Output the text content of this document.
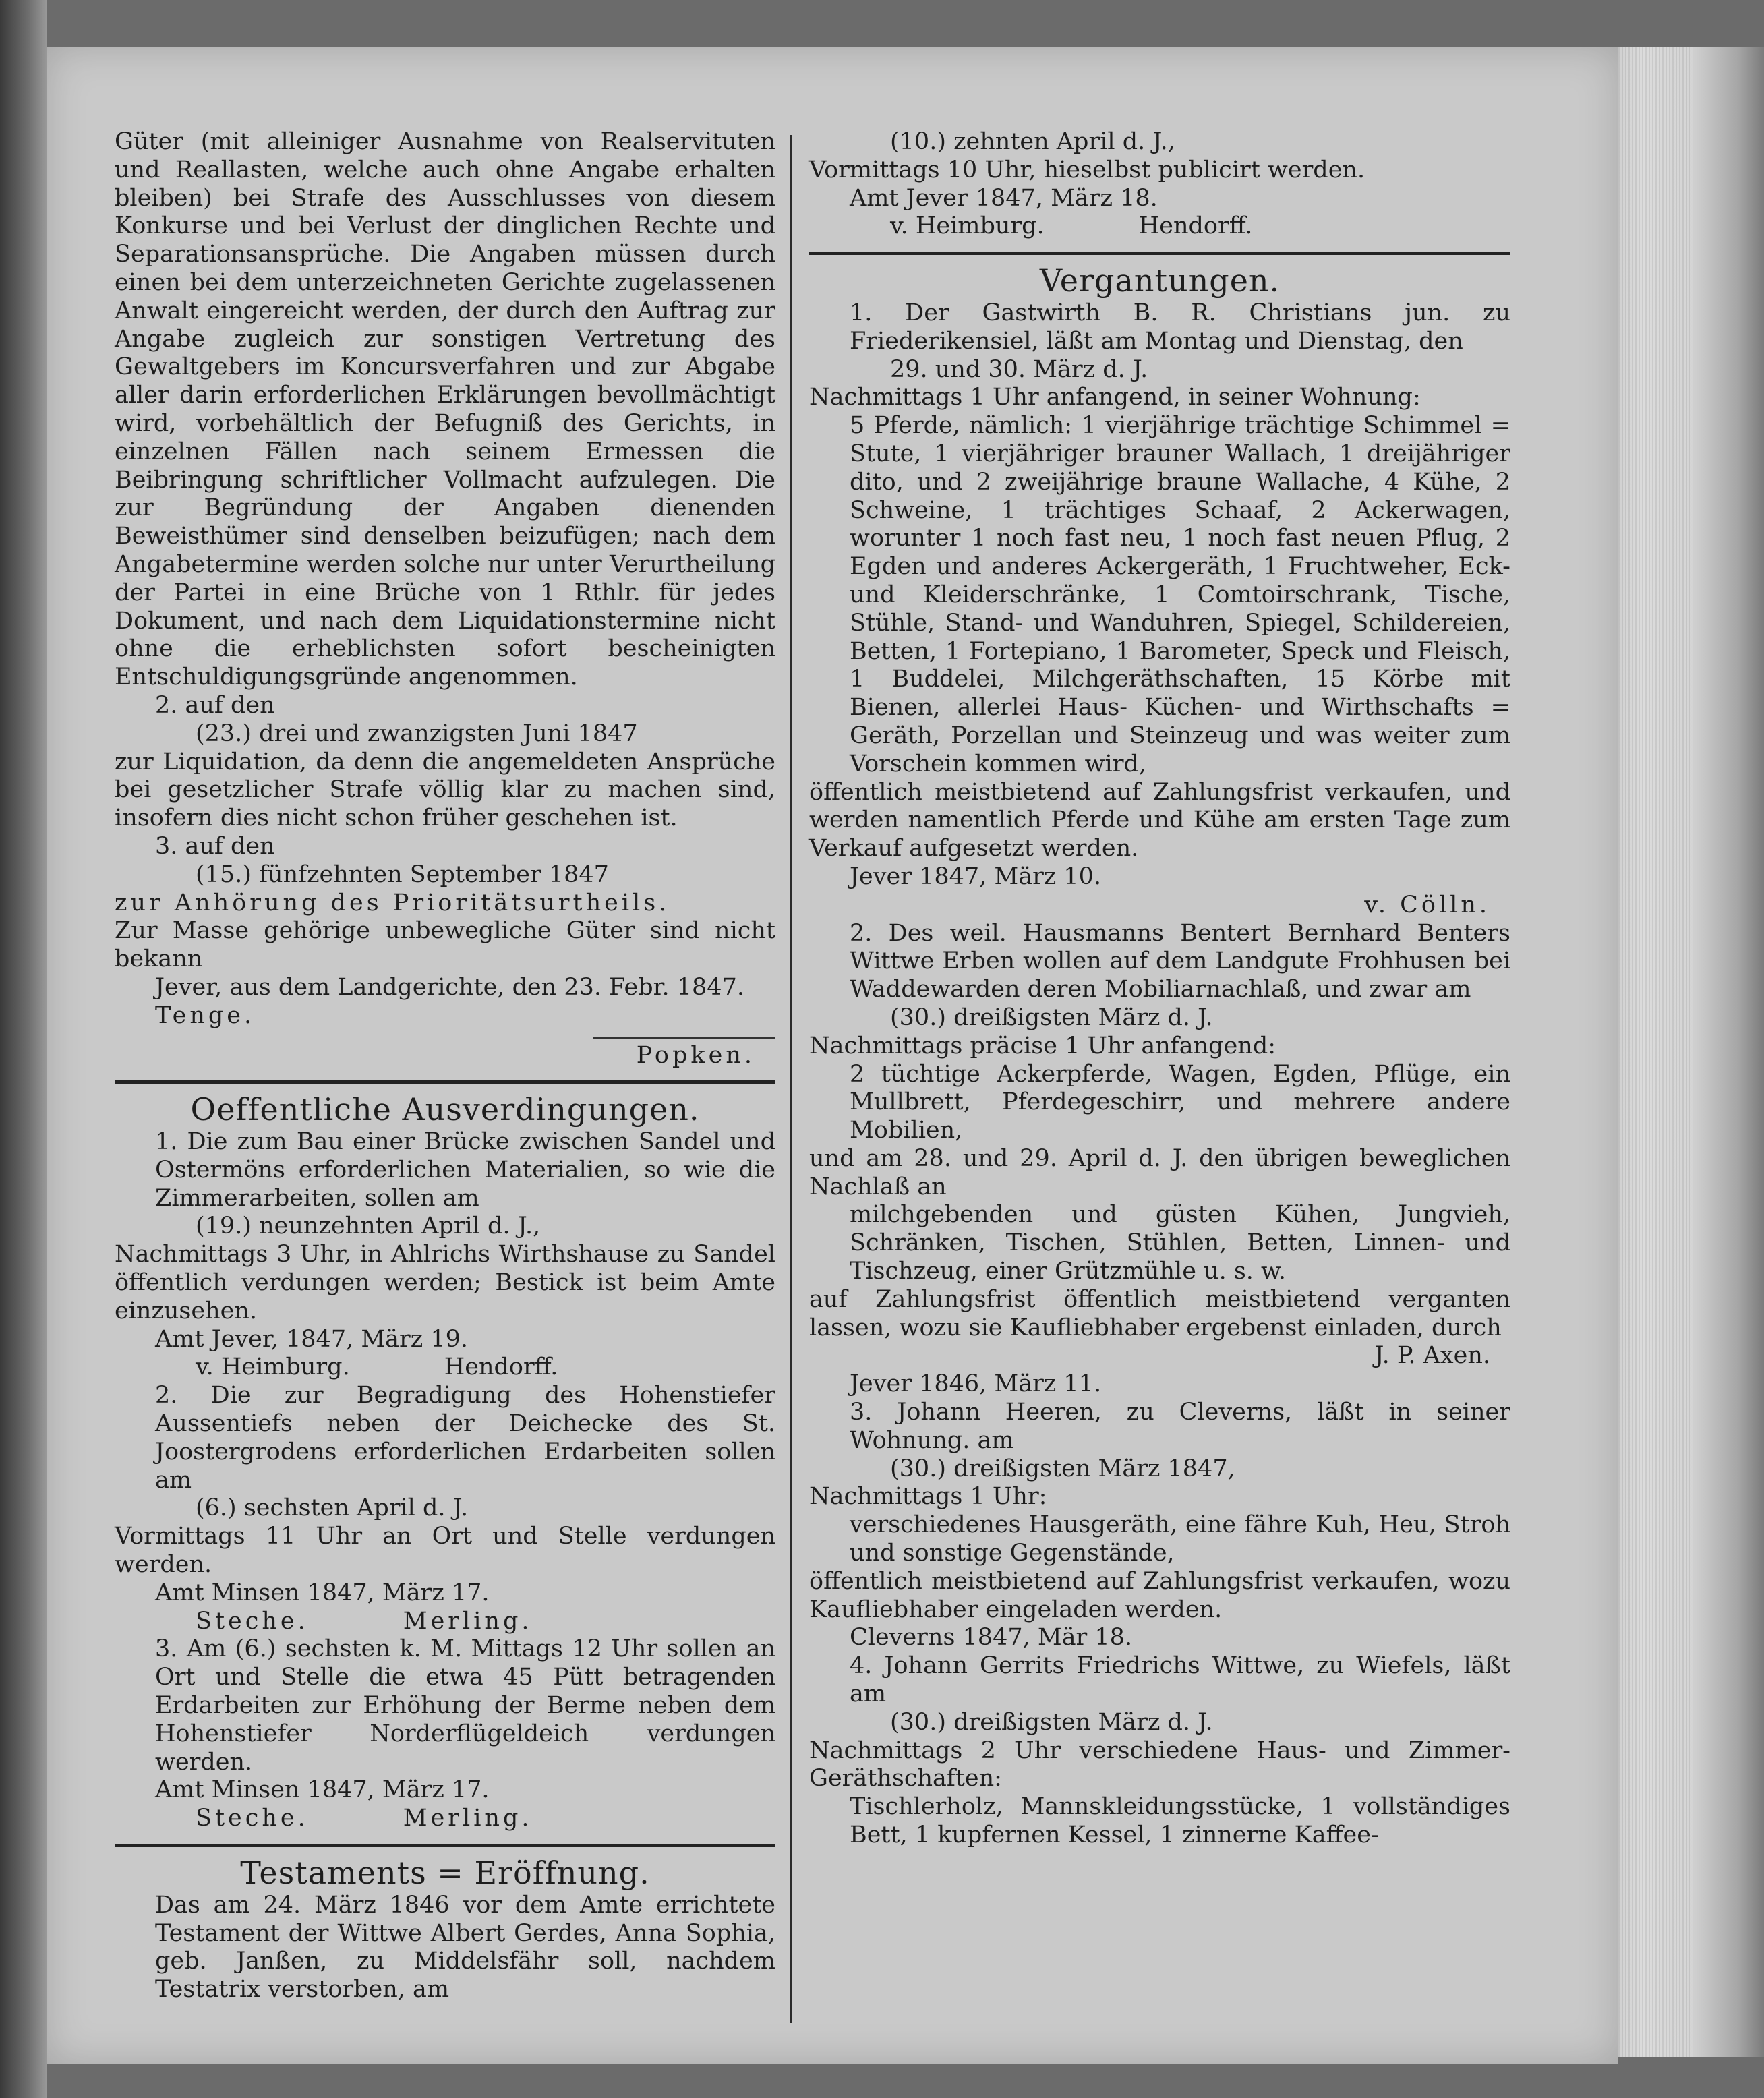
Güter (mit alleiniger Ausnahme von Realservituten und Reallasten, welche auch ohne Angabe erhalten bleiben) bei Strafe des Ausschlusses von diesem Konkurse und bei Verlust der dinglichen Rechte und Separationsansprüche. Die Angaben müssen durch einen bei dem unterzeichneten Gerichte zugelassenen Anwalt eingereicht werden, der durch den Auftrag zur Angabe zugleich zur sonstigen Vertretung des Gewaltgebers im Koncursverfahren und zur Abgabe aller darin erforderlichen Erklärungen bevollmächtigt wird, vorbehältlich der Befugniß des Gerichts, in einzelnen Fällen nach seinem Ermessen die Beibringung schriftlicher Vollmacht aufzulegen. Die zur Begründung der Angaben dienenden Beweisthümer sind denselben beizufügen; nach dem Angabetermine werden solche nur unter Verurtheilung der Partei in eine Brüche von 1 Rthlr. für jedes Dokument, und nach dem Liquidationstermine nicht ohne die erheblichsten sofort bescheinigten Entschuldigungsgründe angenommen.

2. auf den

(23.) drei und zwanzigsten Juni 1847

zur Liquidation, da denn die angemeldeten Ansprüche bei gesetzlicher Strafe völlig klar zu machen sind, insofern dies nicht schon früher geschehen ist.

3. auf den

(15.) fünfzehnten September 1847

zur Anhörung des Prioritätsurtheils.

Zur Masse gehörige unbewegliche Güter sind nicht bekann

Jever, aus dem Landgerichte, den 23. Febr. 1847.

Tenge.

Popken.

Oeffentliche Ausverdingungen.

1. Die zum Bau einer Brücke zwischen Sandel und Ostermöns erforderlichen Materialien, so wie die Zimmerarbeiten, sollen am

(19.) neunzehnten April d. J.,

Nachmittags 3 Uhr, in Ahlrichs Wirthshause zu Sandel öffentlich verdungen werden; Bestick ist beim Amte einzusehen.

Amt Jever, 1847, März 19.

v. Heimburg.	Hendorff.

2. Die zur Begradigung des Hohenstiefer Aussentiefs neben der Deichecke des St. Joostergrodens erforderlichen Erdarbeiten sollen am

(6.) sechsten April d. J.

Vormittags 11 Uhr an Ort und Stelle verdungen werden.

Amt Minsen 1847, März 17.

Steche.	Merling.

3. Am (6.) sechsten k. M. Mittags 12 Uhr sollen an Ort und Stelle die etwa 45 Pütt betragenden Erdarbeiten zur Erhöhung der Berme neben dem Hohenstiefer Norderflügeldeich verdungen werden.

Amt Minsen 1847, März 17.

Steche.	Merling.

Testaments = Eröffnung.

Das am 24. März 1846 vor dem Amte errichtete Testament der Wittwe Albert Gerdes, Anna Sophia, geb. Janßen, zu Middelsfähr soll, nachdem Testatrix verstorben, am

(10.) zehnten April d. J.,

Vormittags 10 Uhr, hieselbst publicirt werden.

Amt Jever 1847, März 18.

v. Heimburg.	Hendorff.

Vergantungen.

1. Der Gastwirth B. R. Christians jun. zu Friederikensiel, läßt am Montag und Dienstag, den

29. und 30. März d. J.

Nachmittags 1 Uhr anfangend, in seiner Wohnung:

5 Pferde, nämlich: 1 vierjährige trächtige Schimmel = Stute, 1 vierjähriger brauner Wallach, 1 dreijähriger dito, und 2 zweijährige braune Wallache, 4 Kühe, 2 Schweine, 1 trächtiges Schaaf, 2 Ackerwagen, worunter 1 noch fast neu, 1 noch fast neuen Pflug, 2 Egden und anderes Ackergeräth, 1 Fruchtweher, Eck- und Kleiderschränke, 1 Comtoirschrank, Tische, Stühle, Stand- und Wanduhren, Spiegel, Schildereien, Betten, 1 Fortepiano, 1 Barometer, Speck und Fleisch, 1 Buddelei, Milchgeräthschaften, 15 Körbe mit Bienen, allerlei Haus- Küchen- und Wirthschafts = Geräth, Porzellan und Steinzeug und was weiter zum Vorschein kommen wird,

öffentlich meistbietend auf Zahlungsfrist verkaufen, und werden namentlich Pferde und Kühe am ersten Tage zum Verkauf aufgesetzt werden.

Jever 1847, März 10.

v. Cölln.

2. Des weil. Hausmanns Bentert Bernhard Benters Wittwe Erben wollen auf dem Landgute Frohhusen bei Waddewarden deren Mobiliarnachlaß, und zwar am

(30.) dreißigsten März d. J.

Nachmittags präcise 1 Uhr anfangend:

2 tüchtige Ackerpferde, Wagen, Egden, Pflüge, ein Mullbrett, Pferdegeschirr, und mehrere andere Mobilien,

und am 28. und 29. April d. J. den übrigen beweglichen Nachlaß an

milchgebenden und güsten Kühen, Jungvieh, Schränken, Tischen, Stühlen, Betten, Linnen- und Tischzeug, einer Grützmühle u. s. w.

auf Zahlungsfrist öffentlich meistbietend verganten lassen, wozu sie Kaufliebhaber ergebenst einladen, durch

J. P. Axen.

Jever 1846, März 11.

3. Johann Heeren, zu Cleverns, läßt in seiner Wohnung. am

(30.) dreißigsten März 1847,

Nachmittags 1 Uhr:

verschiedenes Hausgeräth, eine fähre Kuh, Heu, Stroh und sonstige Gegenstände,

öffentlich meistbietend auf Zahlungsfrist verkaufen, wozu Kaufliebhaber eingeladen werden.

Cleverns 1847, Mär 18.

4. Johann Gerrits Friedrichs Wittwe, zu Wiefels, läßt am

(30.) dreißigsten März d. J.

Nachmittags 2 Uhr verschiedene Haus- und Zimmer-Geräthschaften:

Tischlerholz, Mannskleidungsstücke, 1 vollständiges Bett, 1 kupfernen Kessel, 1 zinnerne Kaffee-
